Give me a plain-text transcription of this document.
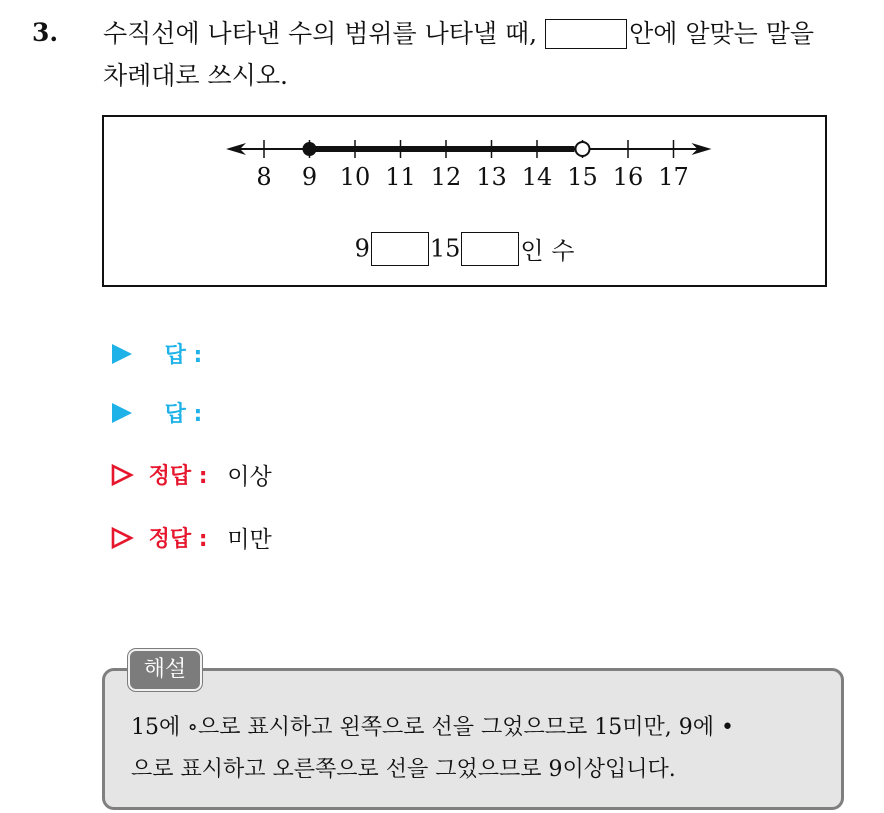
3. 수직선에 나타낸 수의 범위를 나타낼 때,	안에 알맞는 말을
차례대로 쓰시오.
8 9 10 11 12 13 14 15 16 17
9	15	인 수
답 :
답 :
정답 : 이상
정답 : 미만
15에 ∘으로 표시하고 왼쪽으로 선을 그었으므로 15미만, 9에 •
으로 표시하고 오른쪽으로 선을 그었으므로 9이상입니다.
해설
